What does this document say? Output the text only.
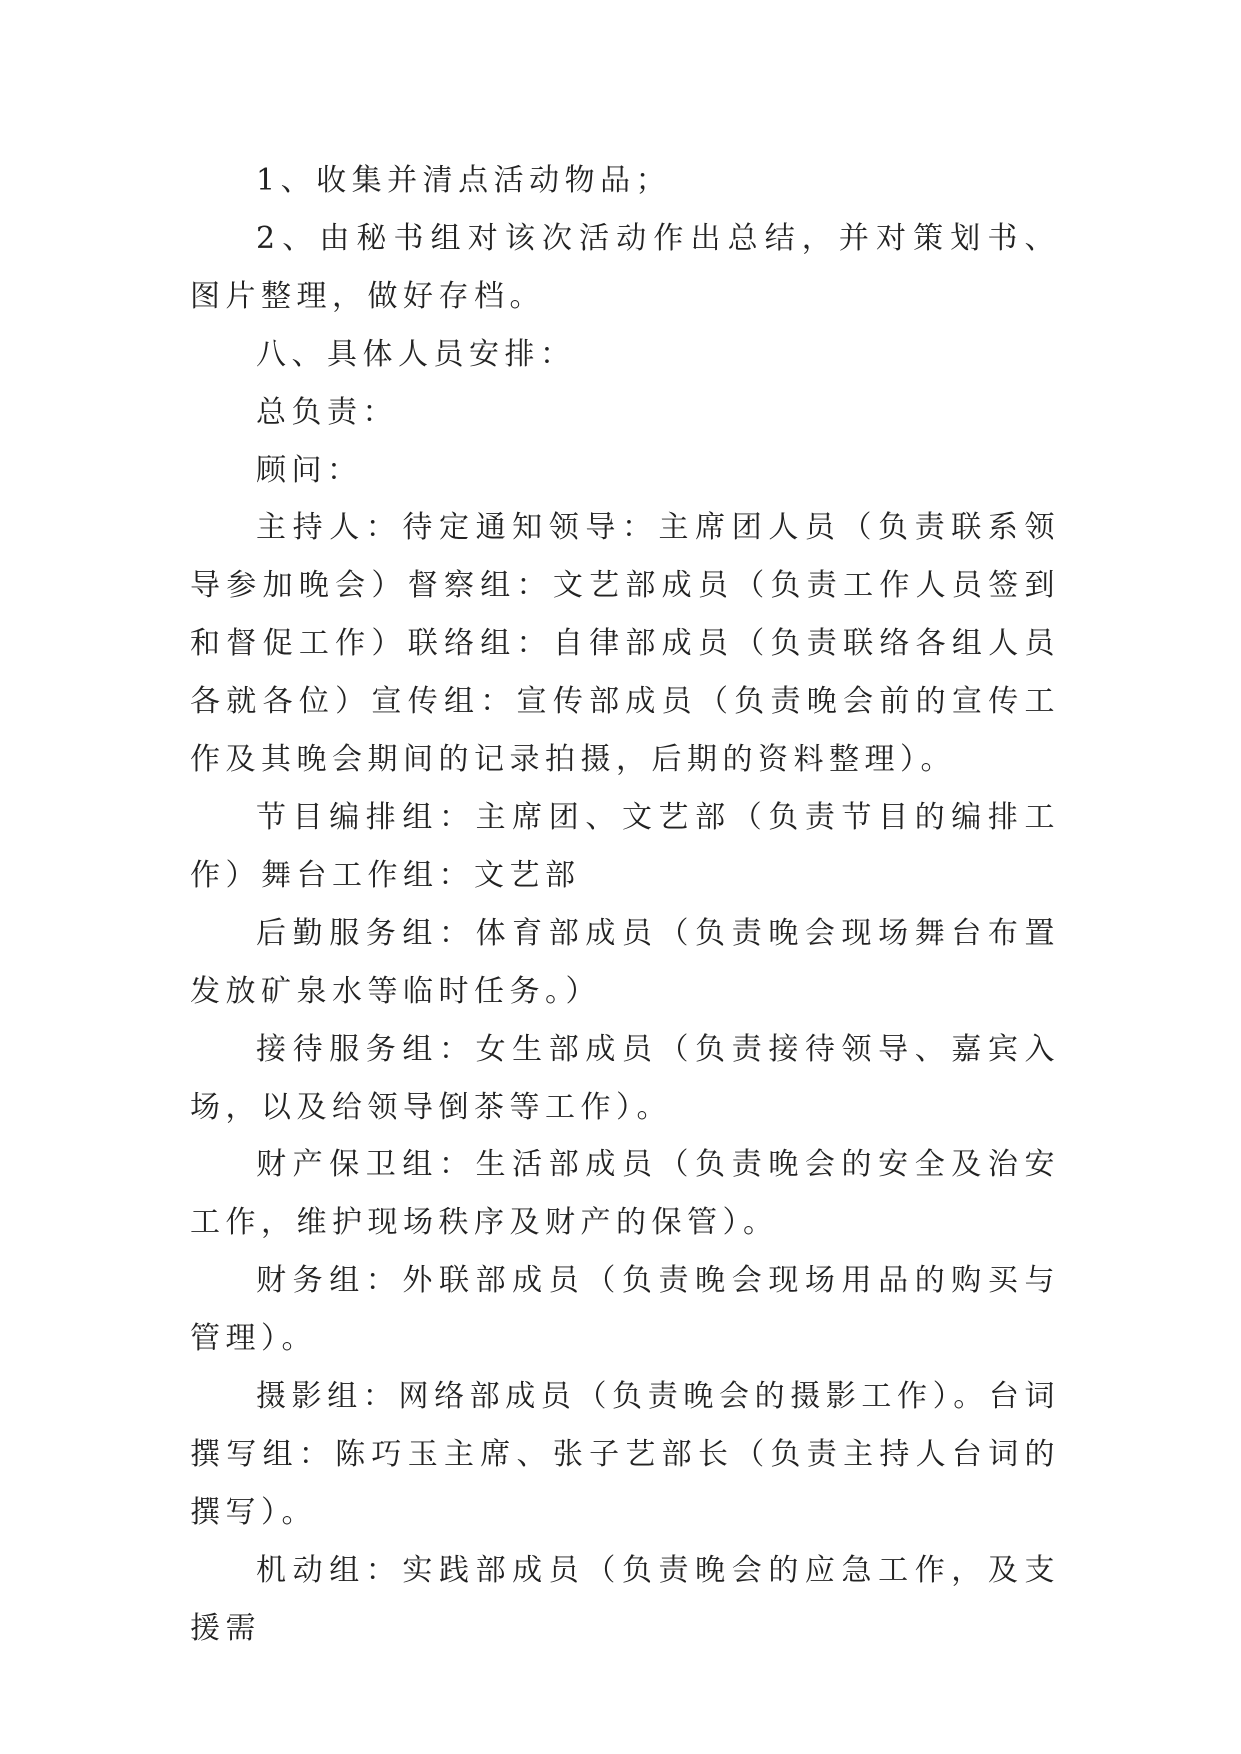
1、收集并清点活动物品；

2、由秘书组对该次活动作出总结，并对策划书、图片整理，做好存档。

八、具体人员安排：

总负责：

顾问：

主持人：待定通知领导：主席团人员（负责联系领导参加晚会）督察组：文艺部成员（负责工作人员签到和督促工作）联络组：自律部成员（负责联络各组人员各就各位）宣传组：宣传部成员（负责晚会前的宣传工作及其晚会期间的记录拍摄，后期的资料整理）。

节目编排组：主席团、文艺部（负责节目的编排工作）舞台工作组：文艺部

后勤服务组：体育部成员（负责晚会现场舞台布置发放矿泉水等临时任务。）

接待服务组：女生部成员（负责接待领导、嘉宾入场，以及给领导倒茶等工作）。

财产保卫组：生活部成员（负责晚会的安全及治安工作，维护现场秩序及财产的保管）。

财务组：外联部成员（负责晚会现场用品的购买与管理）。

摄影组：网络部成员（负责晚会的摄影工作）。台词撰写组：陈巧玉主席、张子艺部长（负责主持人台词的撰写）。

机动组：实践部成员（负责晚会的应急工作，及支援需
